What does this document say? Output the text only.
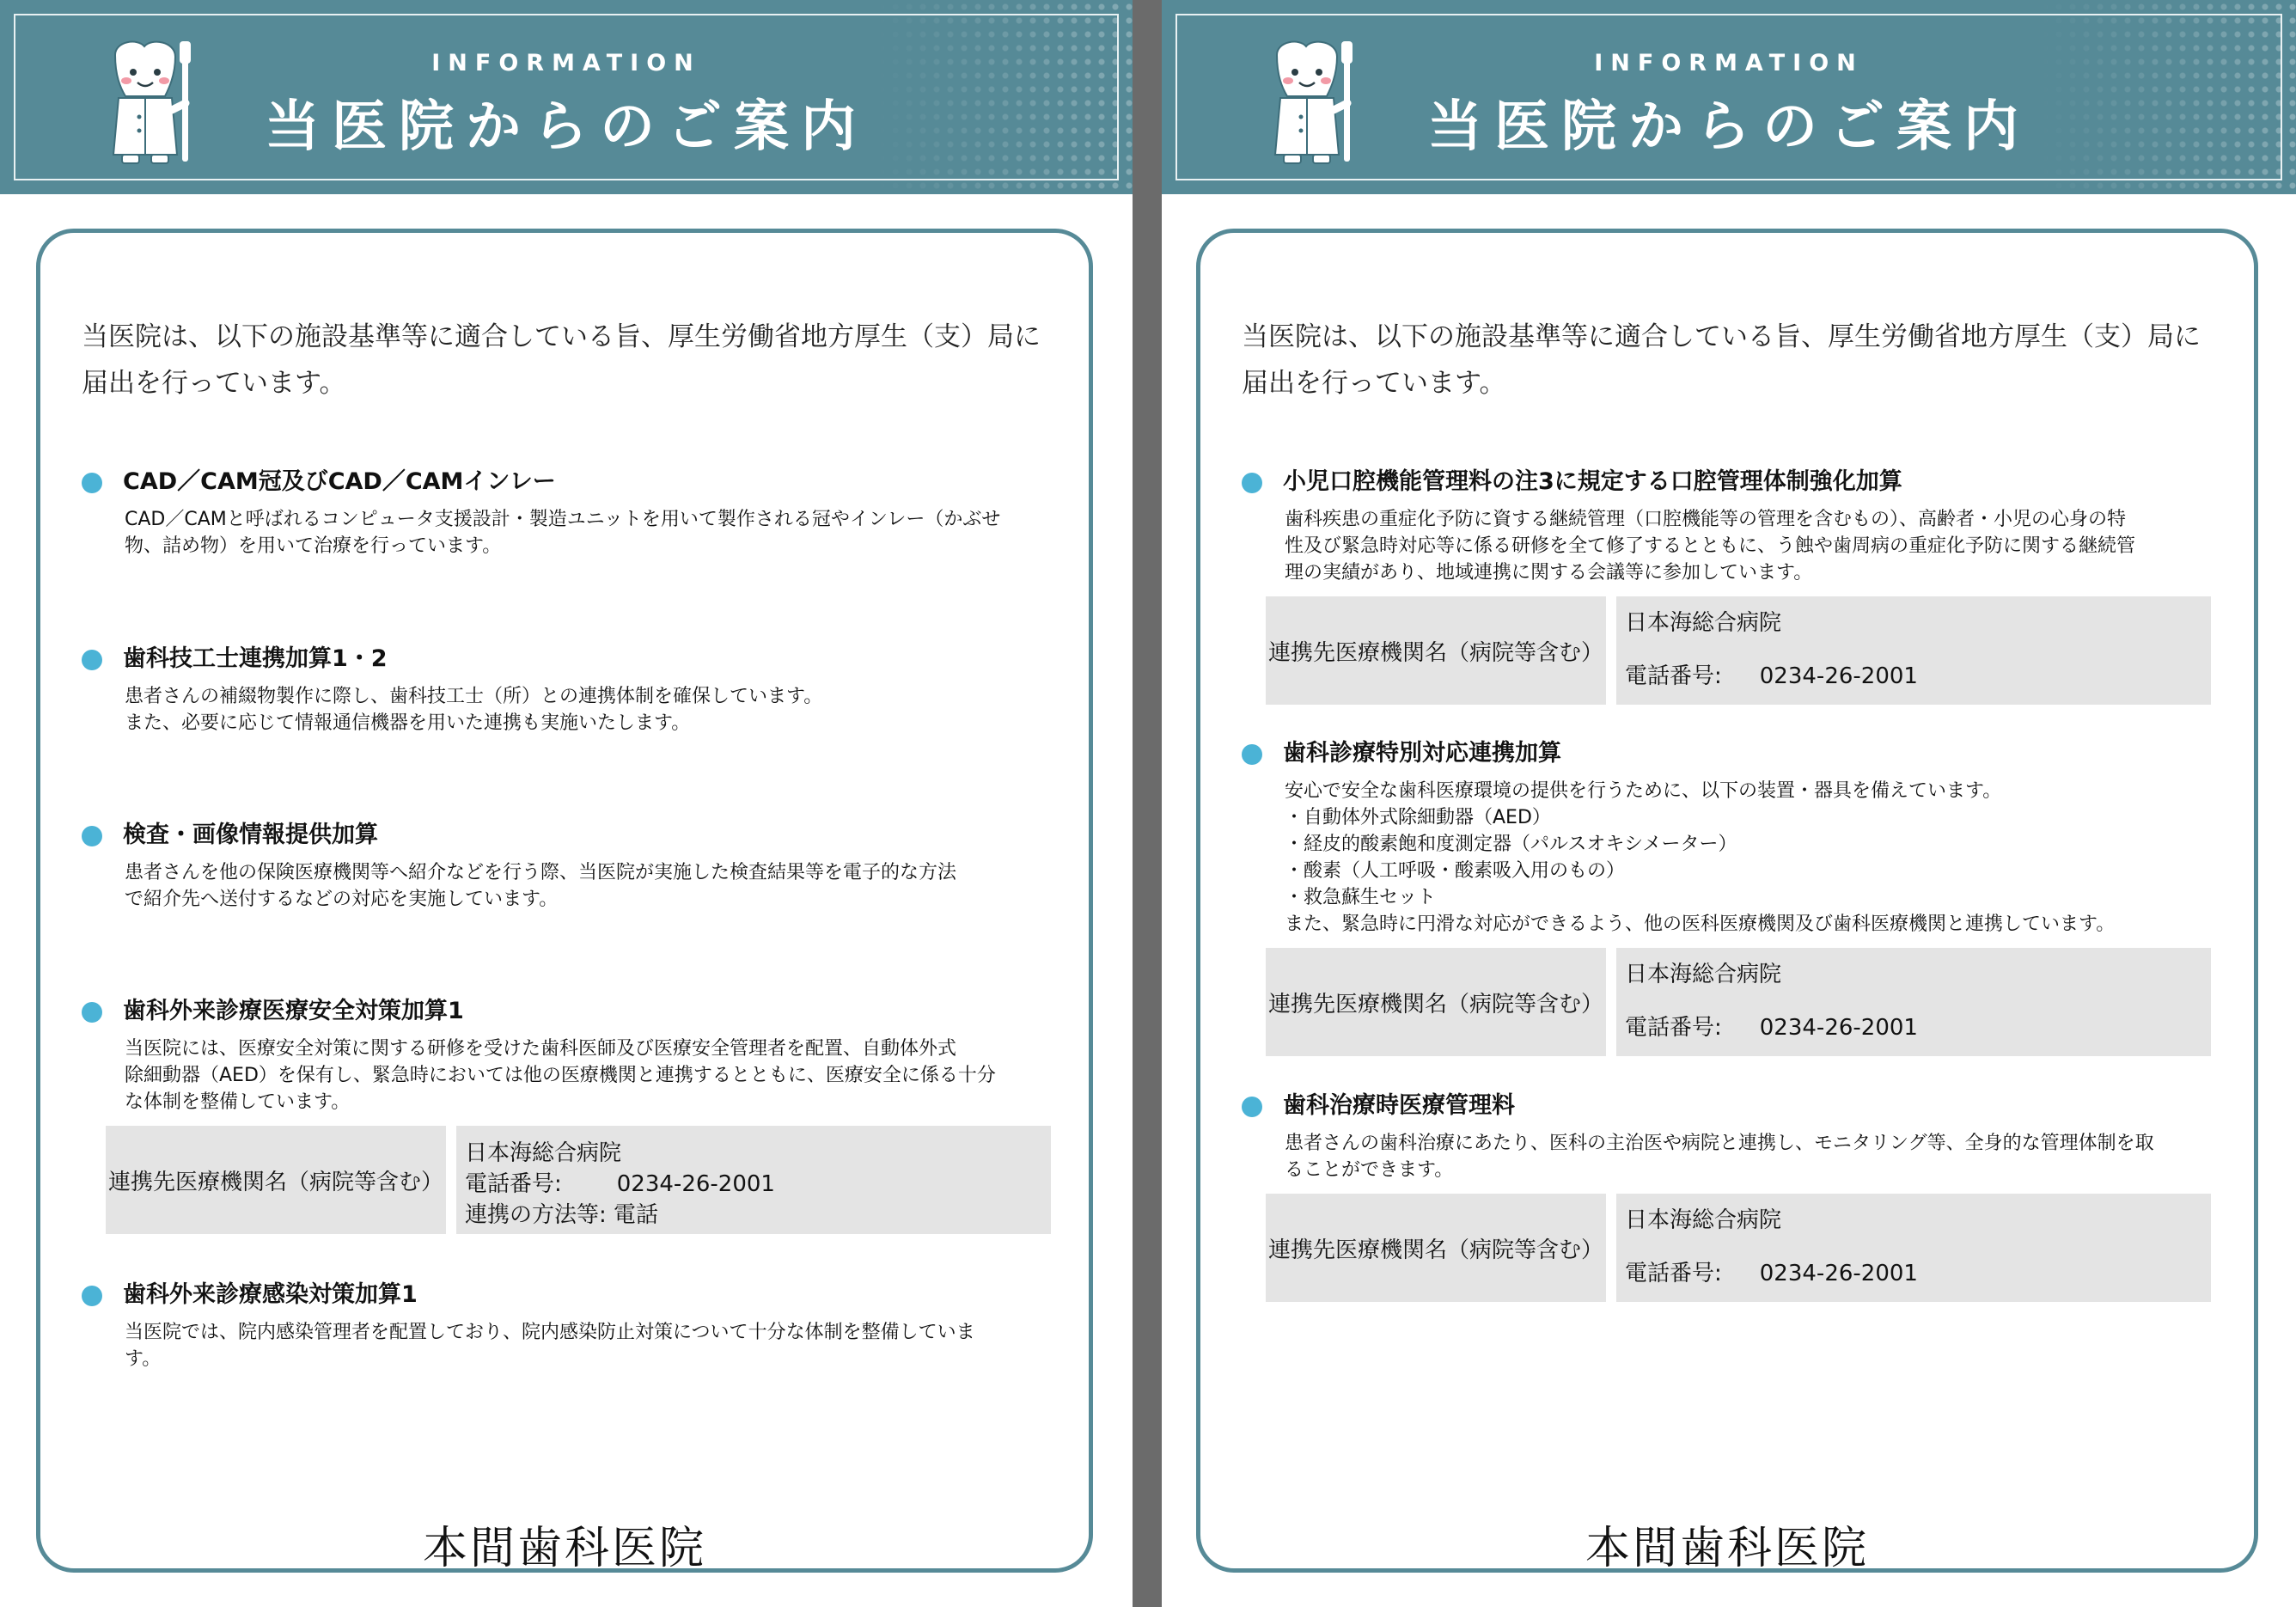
INFORMATION
当医院からのご案内
当医院は、以下の施設基準等に適合している旨、厚生労働省地方厚生（支）局に
届出を行っています。
CAD／CAM冠及びCAD／CAMインレー
CAD／CAMと呼ばれるコンピュータ支援設計・製造ユニットを用いて製作される冠やインレー（かぶせ
物、詰め物）を用いて治療を行っています。
歯科技工士連携加算1・2
患者さんの補綴物製作に際し、歯科技工士（所）との連携体制を確保しています。
また、必要に応じて情報通信機器を用いた連携も実施いたします。
検査・画像情報提供加算
患者さんを他の保険医療機関等へ紹介などを行う際、当医院が実施した検査結果等を電子的な方法
で紹介先へ送付するなどの対応を実施しています。
歯科外来診療医療安全対策加算1
当医院には、医療安全対策に関する研修を受けた歯科医師及び医療安全管理者を配置、自動体外式
除細動器（AED）を保有し、緊急時においては他の医療機関と連携するとともに、医療安全に係る十分
な体制を整備しています。
連携先医療機関名（病院等含む）
日本海総合病院
電話番号: 0234-26-2001
連携の方法等: 電話
歯科外来診療感染対策加算1
当医院では、院内感染管理者を配置しており、院内感染防止対策について十分な体制を整備していま
す。
本間歯科医院
INFORMATION
当医院からのご案内
当医院は、以下の施設基準等に適合している旨、厚生労働省地方厚生（支）局に
届出を行っています。
小児口腔機能管理料の注3に規定する口腔管理体制強化加算
歯科疾患の重症化予防に資する継続管理（口腔機能等の管理を含むもの）、高齢者・小児の心身の特
性及び緊急時対応等に係る研修を全て修了するとともに、う蝕や歯周病の重症化予防に関する継続管
理の実績があり、地域連携に関する会議等に参加しています。
連携先医療機関名（病院等含む）
日本海総合病院
電話番号: 0234-26-2001
歯科診療特別対応連携加算
安心で安全な歯科医療環境の提供を行うために、以下の装置・器具を備えています。
・自動体外式除細動器（AED）
・経皮的酸素飽和度測定器（パルスオキシメーター）
・酸素（人工呼吸・酸素吸入用のもの）
・救急蘇生セット
また、緊急時に円滑な対応ができるよう、他の医科医療機関及び歯科医療機関と連携しています。
連携先医療機関名（病院等含む）
日本海総合病院
電話番号: 0234-26-2001
歯科治療時医療管理料
患者さんの歯科治療にあたり、医科の主治医や病院と連携し、モニタリング等、全身的な管理体制を取
ることができます。
連携先医療機関名（病院等含む）
日本海総合病院
電話番号: 0234-26-2001
本間歯科医院
